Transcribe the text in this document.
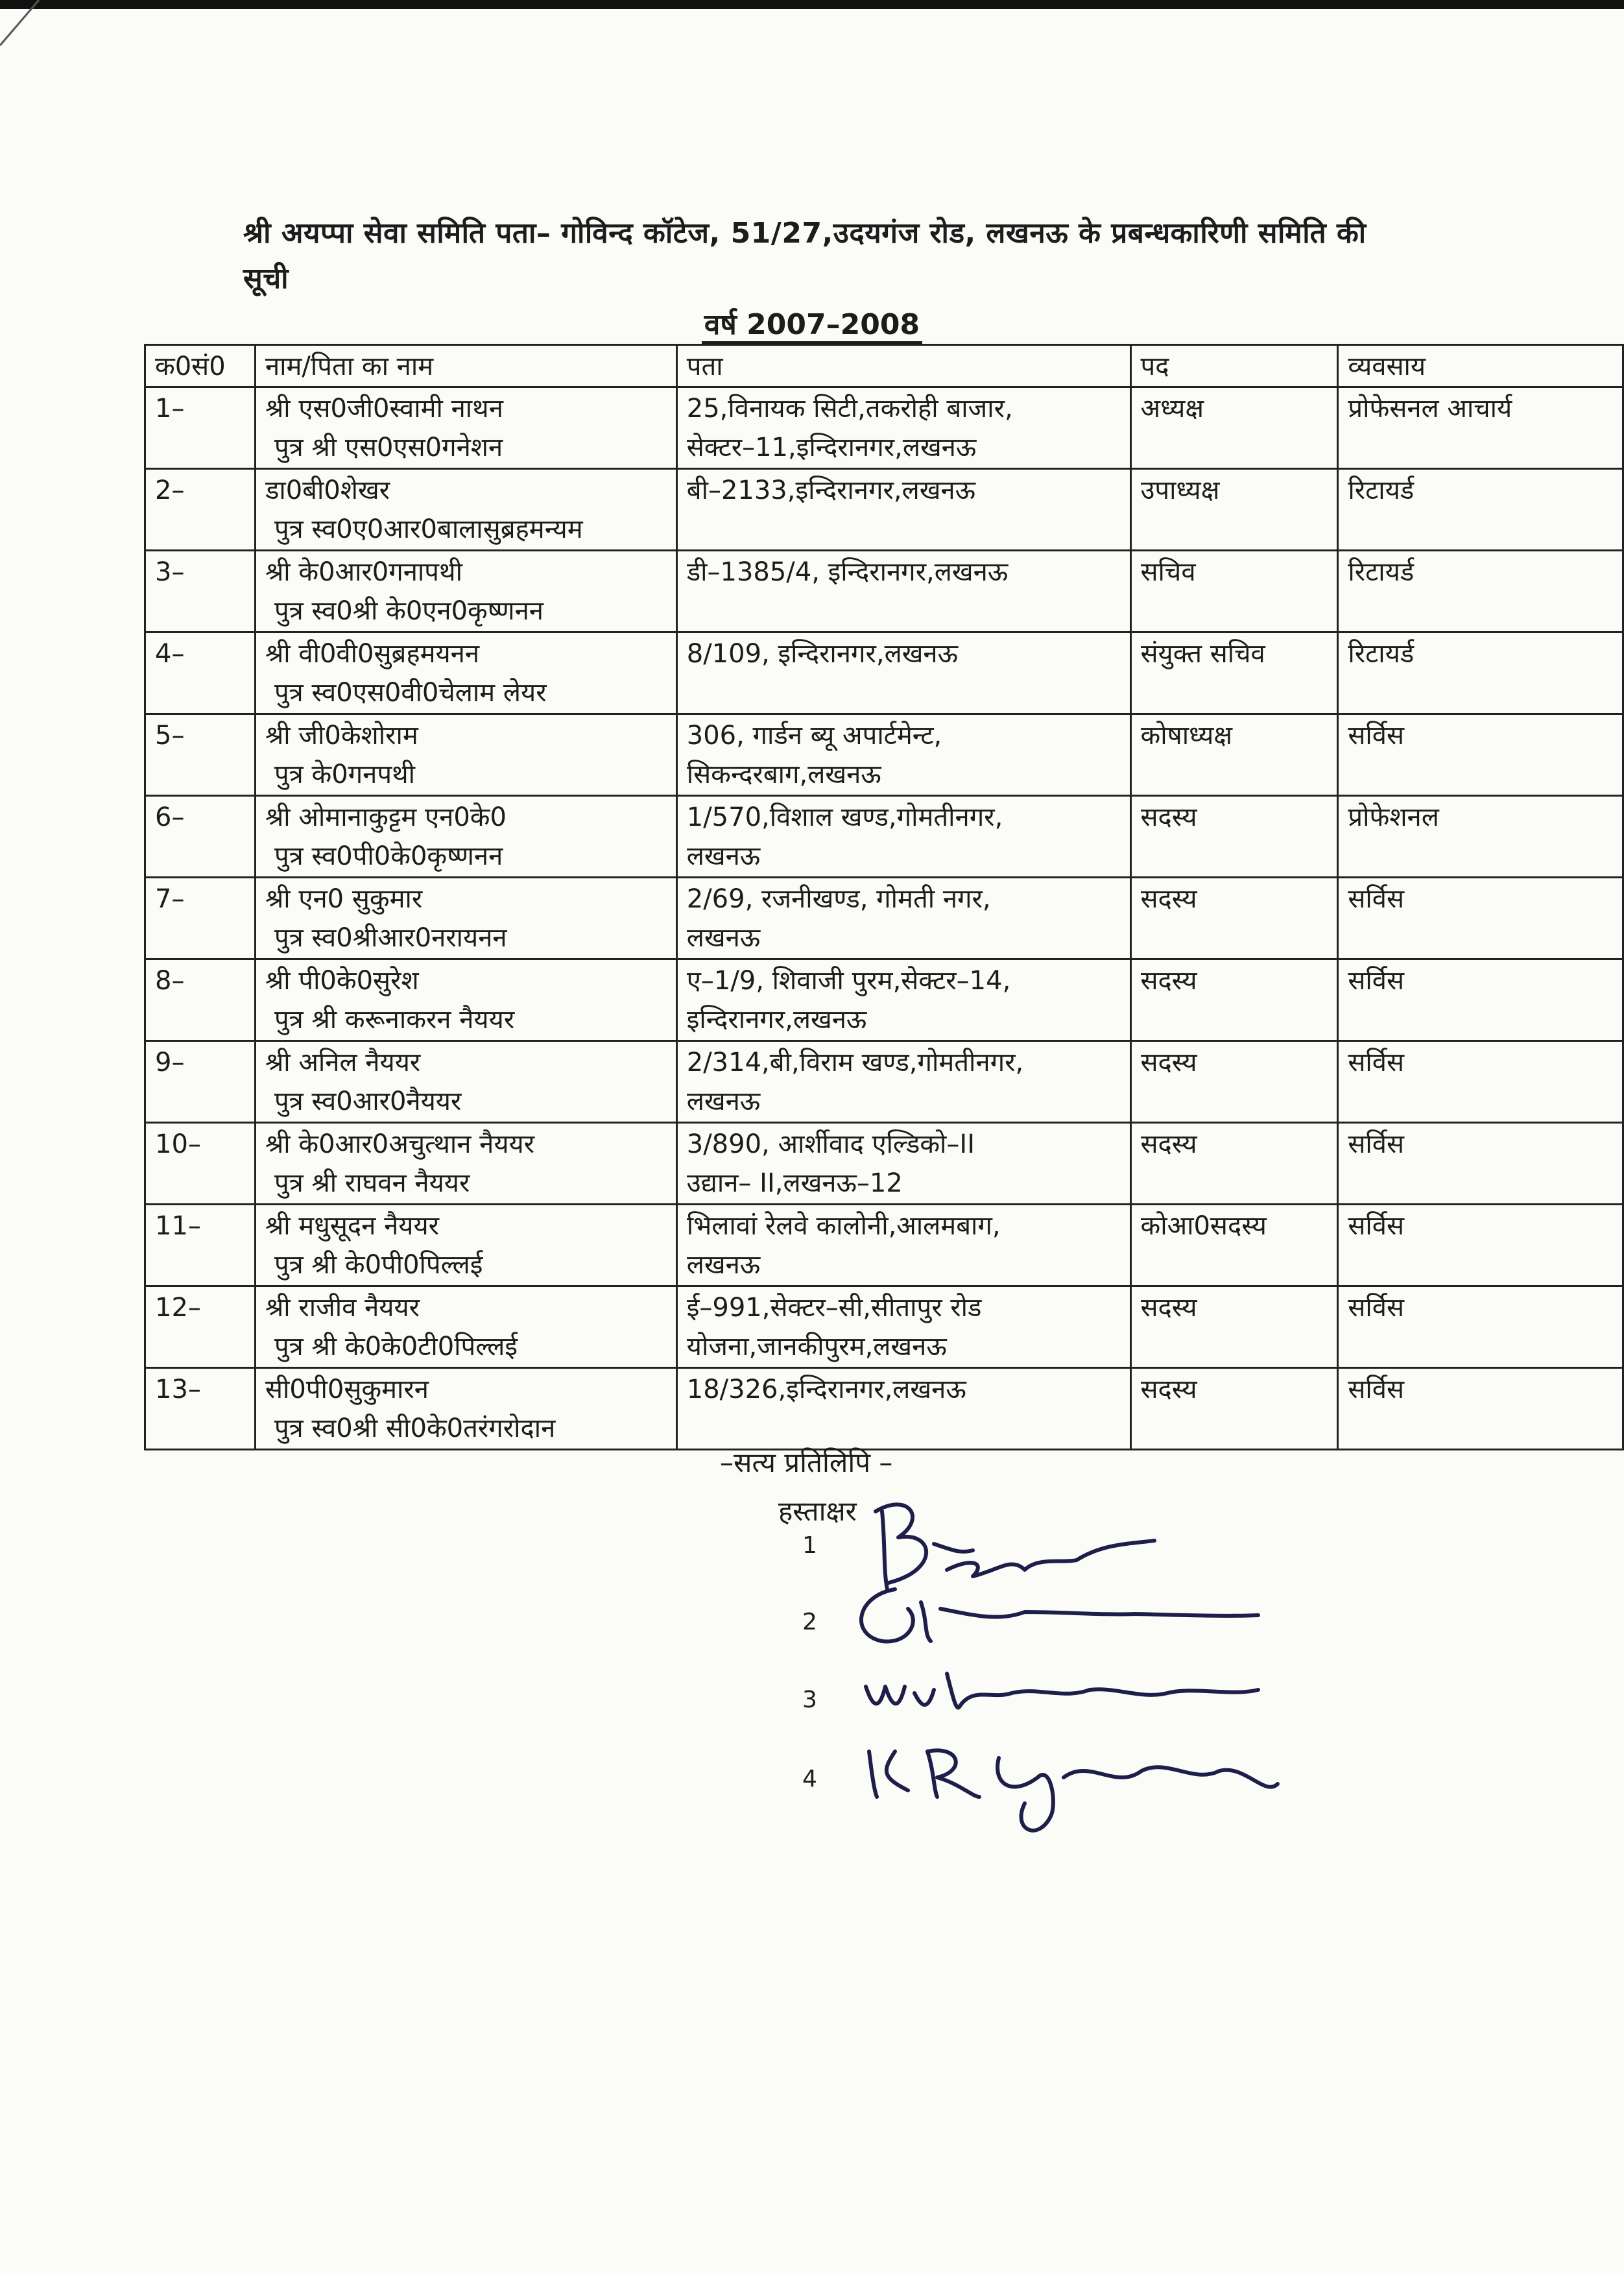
श्री अयप्पा सेवा समिति पता– गोविन्द कॉटेज, 51/27,उदयगंज रोड, लखनऊ के प्रबन्धकारिणी समिति की सूची
वर्ष 2007–2008
क0सं0	नाम/पिता का नाम	पता	पद	व्यवसाय

1–	श्री एस0जी0स्वामी नाथन
पुत्र श्री एस0एस0गनेशन	25,विनायक सिटी,तकरोही बाजार,
सेक्टर–11,इन्दिरानगर,लखनऊ	अध्यक्ष	प्रोफेसनल आचार्य

2–	डा0बी0शेखर
पुत्र स्व0ए0आर0बालासुब्रहमन्यम	बी–2133,इन्दिरानगर,लखनऊ	उपाध्यक्ष	रिटायर्ड

3–	श्री के0आर0गनापथी
पुत्र स्व0श्री के0एन0कृष्णनन	डी–1385/4, इन्दिरानगर,लखनऊ	सचिव	रिटायर्ड

4–	श्री वी0वी0सुब्रहमयनन
पुत्र स्व0एस0वी0चेलाम लेयर	8/109, इन्दिरानगर,लखनऊ	संयुक्त सचिव	रिटायर्ड

5–	श्री जी0केशोराम
पुत्र के0गनपथी	306, गार्डन ब्यू अपार्टमेन्ट,
सिकन्दरबाग,लखनऊ	कोषाध्यक्ष	सर्विस

6–	श्री ओमानाकुट्टम एन0के0
पुत्र स्व0पी0के0कृष्णनन	1/570,विशाल खण्ड,गोमतीनगर,
लखनऊ	सदस्य	प्रोफेशनल

7–	श्री एन0 सुकुमार
पुत्र स्व0श्रीआर0नरायनन	2/69, रजनीखण्ड, गोमती नगर,
लखनऊ	सदस्य	सर्विस

8–	श्री पी0के0सुरेश
पुत्र श्री करूनाकरन नैययर	ए–1/9, शिवाजी पुरम,सेक्टर–14,
इन्दिरानगर,लखनऊ	सदस्य	सर्विस

9–	श्री अनिल नैययर
पुत्र स्व0आर0नैययर	2/314,बी,विराम खण्ड,गोमतीनगर,
लखनऊ	सदस्य	सर्विस

10–	श्री के0आर0अचुत्थान नैययर
पुत्र श्री राघवन नैययर	3/890, आर्शीवाद एल्डिको–II
उद्यान– II,लखनऊ–12	सदस्य	सर्विस

11–	श्री मधुसूदन नैययर
पुत्र श्री के0पी0पिल्लई	भिलावां रेलवे कालोनी,आलमबाग,
लखनऊ	कोआ0सदस्य	सर्विस

12–	श्री राजीव नैययर
पुत्र श्री के0के0टी0पिल्लई	ई–991,सेक्टर–सी,सीतापुर रोड
योजना,जानकीपुरम,लखनऊ	सदस्य	सर्विस

13–	सी0पी0सुकुमारन
पुत्र स्व0श्री सी0के0तरंगरोदान	18/326,इन्दिरानगर,लखनऊ	सदस्य	सर्विस
–सत्य प्रतिलिपि –
हस्ताक्षर
1
2
3
4
